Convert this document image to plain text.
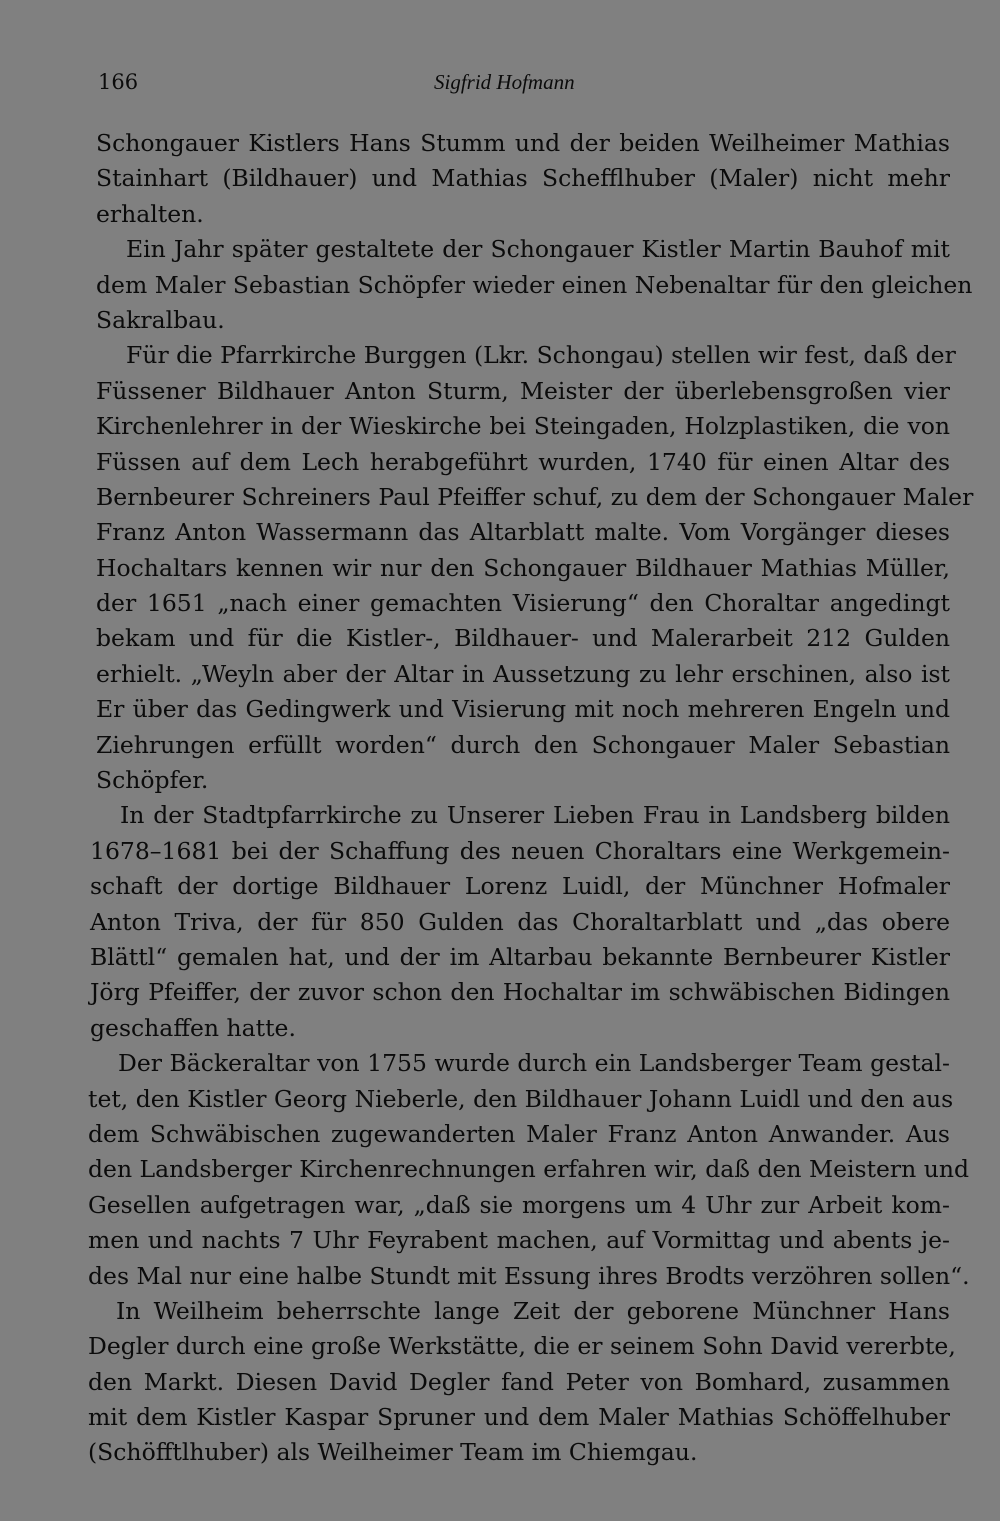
166	Sigfrid Hofmann
Schongauer Kistlers Hans Stumm und der beiden Weilheimer Mathias
Stainhart (Bildhauer) und Mathias Schefflhuber (Maler) nicht mehr
erhalten.
Ein Jahr später gestaltete der Schongauer Kistler Martin Bauhof mit
dem Maler Sebastian Schöpfer wieder einen Nebenaltar für den gleichen
Sakralbau.
Für die Pfarrkirche Burggen (Lkr. Schongau) stellen wir fest, daß der
Füssener Bildhauer Anton Sturm, Meister der überlebensgroßen vier
Kirchenlehrer in der Wieskirche bei Steingaden, Holzplastiken, die von
Füssen auf dem Lech herabgeführt wurden, 1740 für einen Altar des
Bernbeurer Schreiners Paul Pfeiffer schuf, zu dem der Schongauer Maler
Franz Anton Wassermann das Altarblatt malte. Vom Vorgänger dieses
Hochaltars kennen wir nur den Schongauer Bildhauer Mathias Müller,
der 1651 „nach einer gemachten Visierung“ den Choraltar angedingt
bekam und für die Kistler-, Bildhauer- und Malerarbeit 212 Gulden
erhielt. „Weyln aber der Altar in Aussetzung zu lehr erschinen, also ist
Er über das Gedingwerk und Visierung mit noch mehreren Engeln und
Ziehrungen erfüllt worden“ durch den Schongauer Maler Sebastian
Schöpfer.
In der Stadtpfarrkirche zu Unserer Lieben Frau in Landsberg bilden
1678–1681 bei der Schaffung des neuen Choraltars eine Werkgemein-
schaft der dortige Bildhauer Lorenz Luidl, der Münchner Hofmaler
Anton Triva, der für 850 Gulden das Choraltarblatt und „das obere
Blättl“ gemalen hat, und der im Altarbau bekannte Bernbeurer Kistler
Jörg Pfeiffer, der zuvor schon den Hochaltar im schwäbischen Bidingen
geschaffen hatte.
Der Bäckeraltar von 1755 wurde durch ein Landsberger Team gestal-
tet, den Kistler Georg Nieberle, den Bildhauer Johann Luidl und den aus
dem Schwäbischen zugewanderten Maler Franz Anton Anwander. Aus
den Landsberger Kirchenrechnungen erfahren wir, daß den Meistern und
Gesellen aufgetragen war, „daß sie morgens um 4 Uhr zur Arbeit kom-
men und nachts 7 Uhr Feyrabent machen, auf Vormittag und abents je-
des Mal nur eine halbe Stundt mit Essung ihres Brodts verzöhren sollen“.
In Weilheim beherrschte lange Zeit der geborene Münchner Hans
Degler durch eine große Werkstätte, die er seinem Sohn David vererbte,
den Markt. Diesen David Degler fand Peter von Bomhard, zusammen
mit dem Kistler Kaspar Spruner und dem Maler Mathias Schöffelhuber
(Schöfftlhuber) als Weilheimer Team im Chiemgau.
